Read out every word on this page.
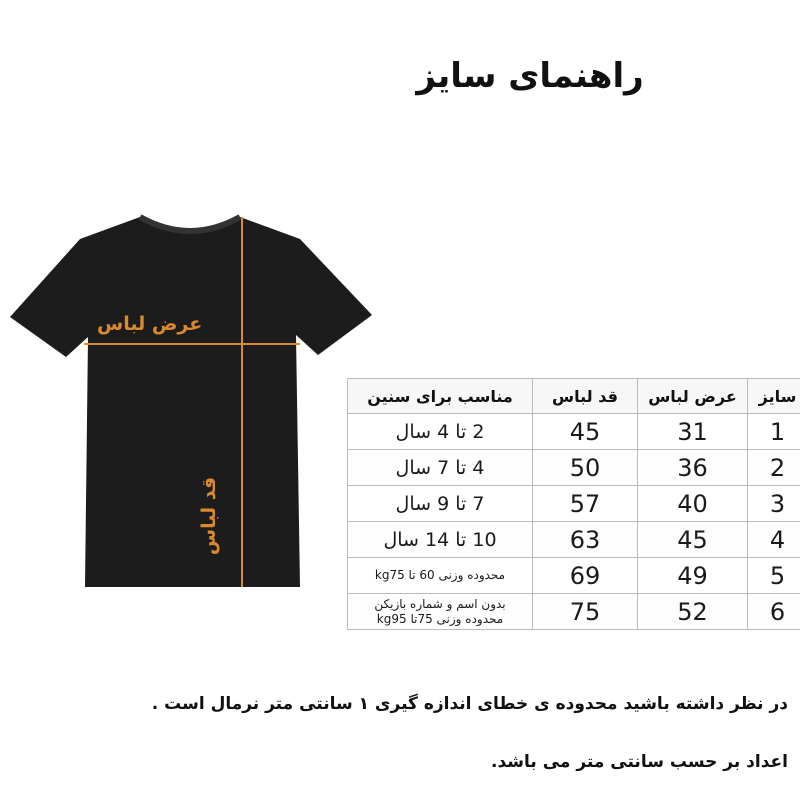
راهنمای سایز
عرض لباس
قد لباس
سایز	عرض لباس	قد لباس	مناسب برای سنین
1	31	45	2 تا 4 سال
2	36	50	4 تا 7 سال
3	40	57	7 تا 9 سال
4	45	63	10 تا 14 سال
5	49	69	محدوده وزنی 60 تا kg75
6	52	75	بدون اسم و شماره بازیکن
محدوده وزنی 75تا kg95
در نظر داشته باشید محدوده ی خطای اندازه گیری ۱ سانتی متر نرمال است .
اعداد بر حسب سانتی متر می باشد.
